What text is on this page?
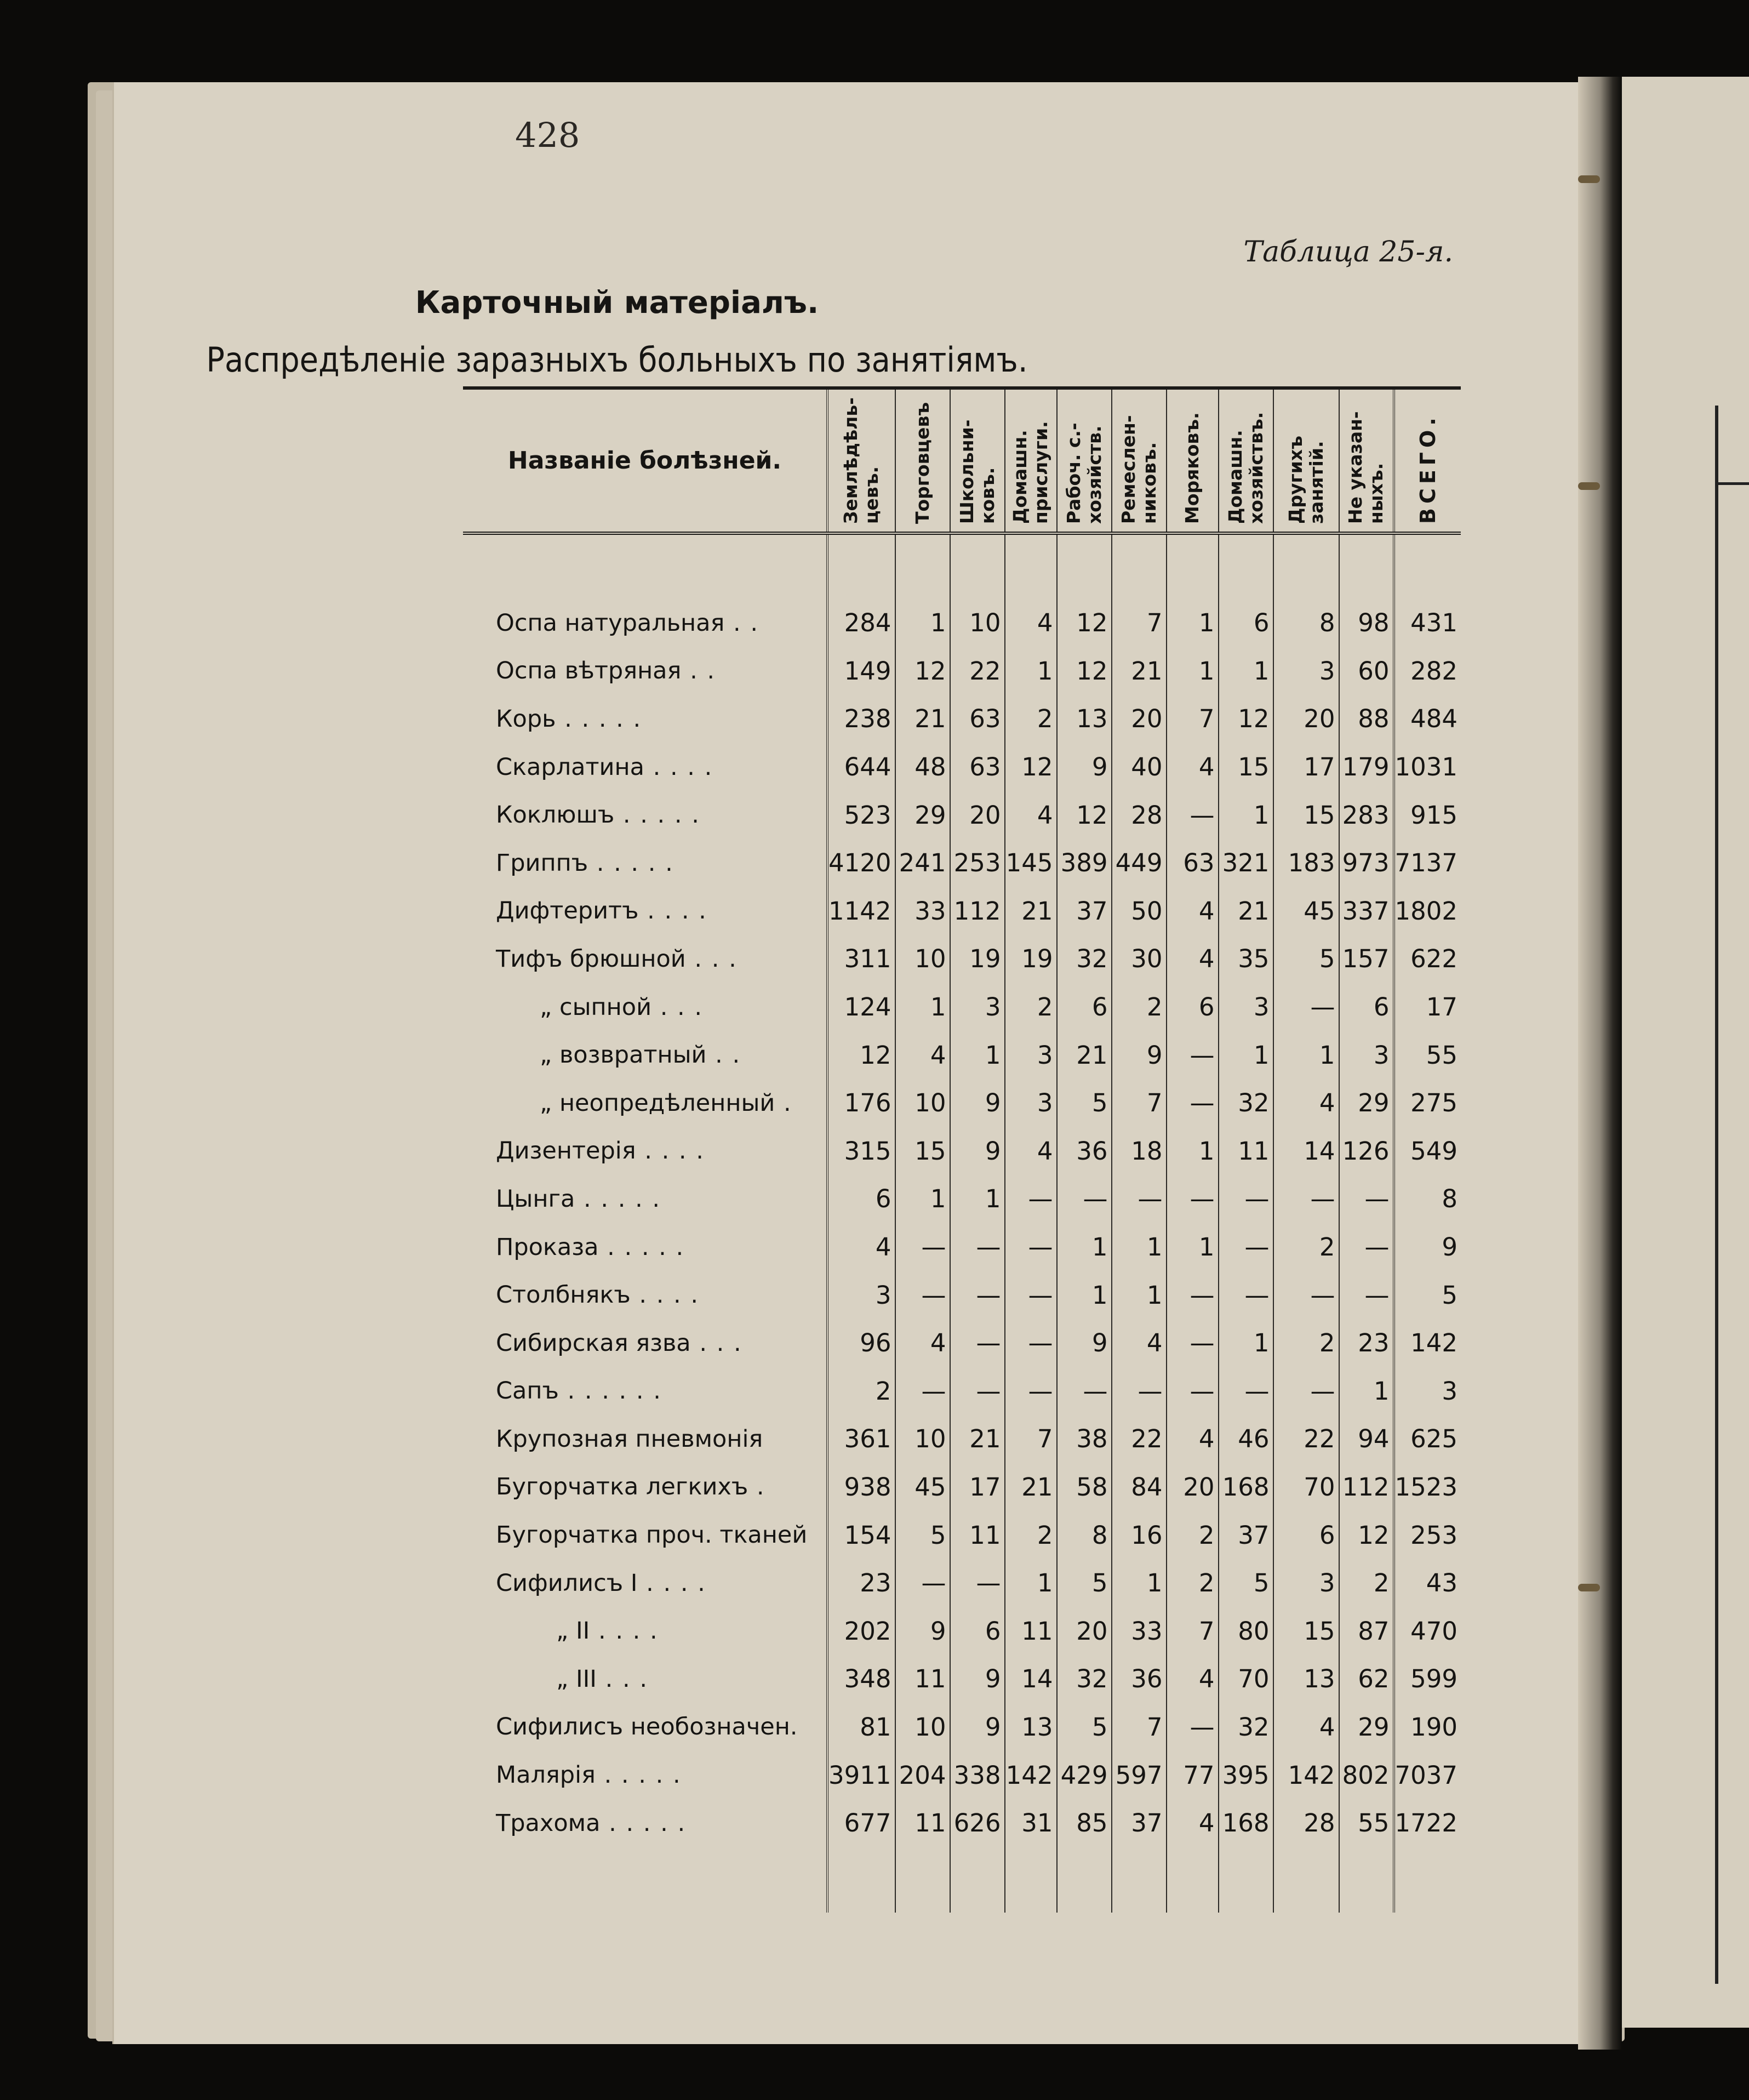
428
Таблица 25-я.
Карточный матеріалъ.
Распредѣленіе заразныхъ больныхъ по занятіямъ.
Названіе болѣзней.	Землѣдѣль-
цевъ.	Торговцевъ	Школьни-
ковъ.	Домашн.
прислуги.	Рабоч. с.-
хозяйств.	Ремеслен-
никовъ.	Моряковъ.	Домашн.
хозяйствъ.	Другихъ
занятій.	Не указан-
ныхъ.	ВСЕГО.

Оспа натуральная . .	284	1	10	4	12	7	1	6	8	98	431
Оспа вѣтряная . .	149	12	22	1	12	21	1	1	3	60	282
Корь . . . . .	238	21	63	2	13	20	7	12	20	88	484
Скарлатина . . . .	644	48	63	12	9	40	4	15	17	179	1031
Коклюшъ . . . . .	523	29	20	4	12	28	—	1	15	283	915
Гриппъ . . . . .	4120	241	253	145	389	449	63	321	183	973	7137
Дифтеритъ . . . .	1142	33	112	21	37	50	4	21	45	337	1802
Тифъ брюшной . . .	311	10	19	19	32	30	4	35	5	157	622
„ сыпной . . .	124	1	3	2	6	2	6	3	—	6	17
„ возвратный . .	12	4	1	3	21	9	—	1	1	3	55
„ неопредѣленный .	176	10	9	3	5	7	—	32	4	29	275
Дизентерія . . . .	315	15	9	4	36	18	1	11	14	126	549
Цынга . . . . .	6	1	1	—	—	—	—	—	—	—	8
Проказа . . . . .	4	—	—	—	1	1	1	—	2	—	9
Столбнякъ . . . .	3	—	—	—	1	1	—	—	—	—	5
Сибирская язва . . .	96	4	—	—	9	4	—	1	2	23	142
Сапъ . . . . . .	2	—	—	—	—	—	—	—	—	1	3
Крупозная пневмонія	361	10	21	7	38	22	4	46	22	94	625
Бугорчатка легкихъ .	938	45	17	21	58	84	20	168	70	112	1523
Бугорчатка проч. тканей	154	5	11	2	8	16	2	37	6	12	253
Сифилисъ I . . . .	23	—	—	1	5	1	2	5	3	2	43
„ II . . . .	202	9	6	11	20	33	7	80	15	87	470
„ III . . .	348	11	9	14	32	36	4	70	13	62	599
Сифилисъ необозначен.	81	10	9	13	5	7	—	32	4	29	190
Малярія . . . . .	3911	204	338	142	429	597	77	395	142	802	7037
Трахома . . . . .	677	11	626	31	85	37	4	168	28	55	1722
